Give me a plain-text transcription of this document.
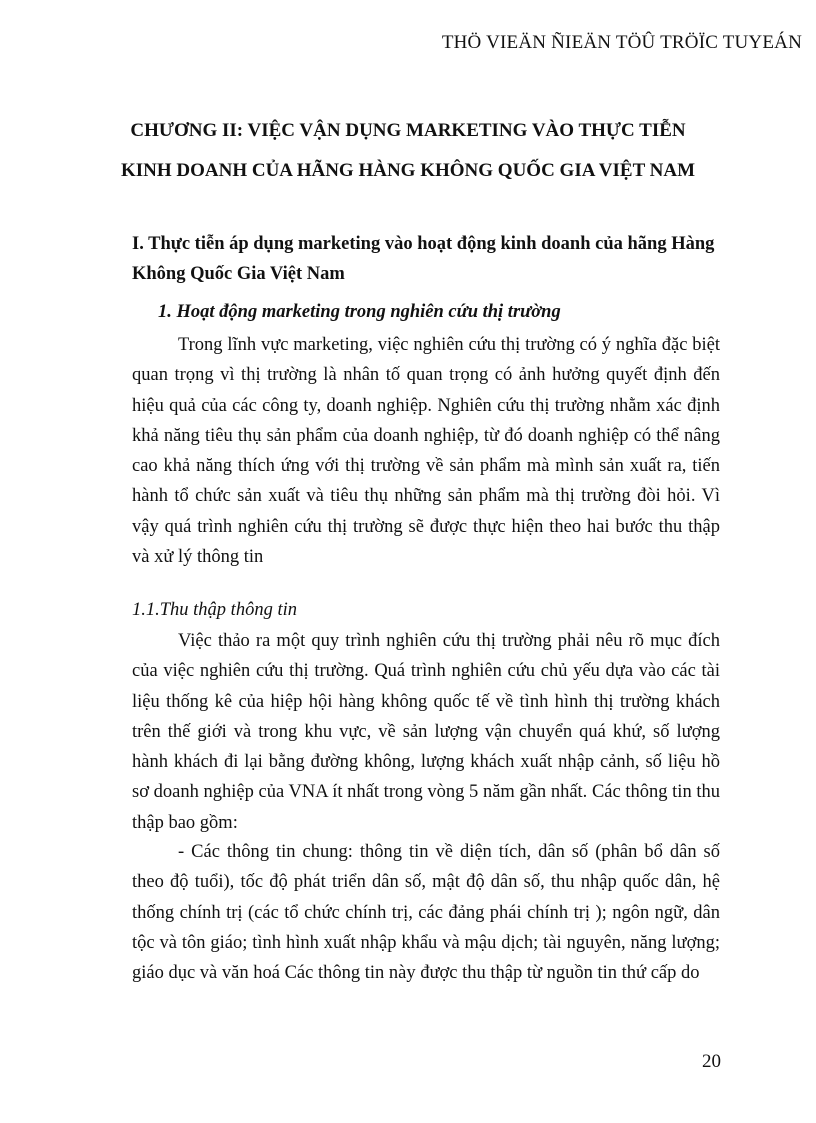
THÖ VIEÄN ÑIEÄN TÖÛ TRÖÏC TUYEÁN
CHƯƠNG II: VIỆC VẬN DỤNG MARKETING VÀO THỰC TIỄN
KINH DOANH CỦA HÃNG HÀNG KHÔNG QUỐC GIA VIỆT NAM
I. Thực tiễn áp dụng marketing vào hoạt động kinh doanh của hãng Hàng Không Quốc Gia Việt Nam
1. Hoạt động marketing trong nghiên cứu thị trường

Trong lĩnh vực marketing, việc nghiên cứu thị trường có ý nghĩa đặc biệt quan trọng vì thị trường là nhân tố quan trọng có ảnh hưởng quyết định đến hiệu quả của các công ty, doanh nghiệp. Nghiên cứu thị trường nhằm xác định khả năng tiêu thụ sản phẩm của doanh nghiệp, từ đó doanh nghiệp có thể nâng cao khả năng thích ứng với thị trường về sản phẩm mà mình sản xuất ra, tiến hành tổ chức sản xuất và tiêu thụ những sản phẩm mà thị trường đòi hỏi. Vì vậy quá trình nghiên cứu thị trường sẽ được thực hiện theo hai bước thu thập và xử lý thông tin

1.1.Thu thập thông tin

Việc thảo ra một quy trình nghiên cứu thị trường phải nêu rõ mục đích của việc nghiên cứu thị trường. Quá trình nghiên cứu chủ yếu dựa vào các tài liệu thống kê của hiệp hội hàng không quốc tế về tình hình thị trường khách trên thế giới và trong khu vực, về sản lượng vận chuyển quá khứ, số lượng hành khách đi lại bằng đường không, lượng khách xuất nhập cảnh, số liệu hồ sơ doanh nghiệp của VNA ít nhất trong vòng 5 năm gần nhất. Các thông tin thu thập bao gồm:

- Các thông tin chung: thông tin về diện tích, dân số (phân bổ dân số theo độ tuổi), tốc độ phát triển dân số, mật độ dân số, thu nhập quốc dân, hệ thống chính trị (các tổ chức chính trị, các đảng phái chính trị ); ngôn ngữ, dân tộc và tôn giáo; tình hình xuất nhập khẩu và mậu dịch; tài nguyên, năng lượng; giáo dục và văn hoá Các thông tin này được thu thập từ nguồn tin thứ cấp do

20
